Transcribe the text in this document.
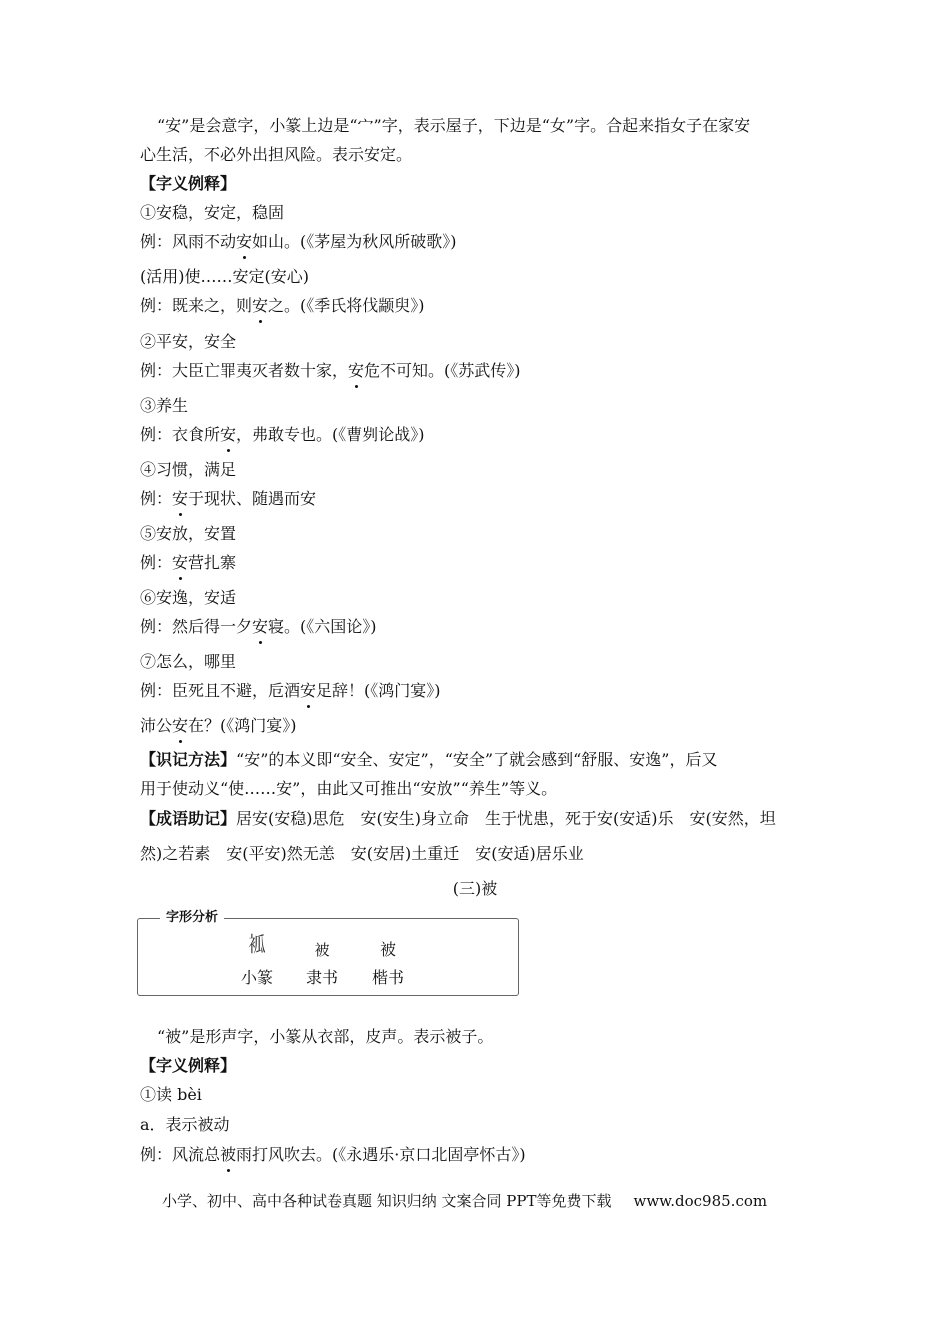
“安”是会意字，小篆上边是“宀”字，表示屋子，下边是“女”字。合起来指女子在家安
心生活，不必外出担风险。表示安定。
【字义例释】
①安稳，安定，稳固
例：风雨不动安如山。(《茅屋为秋风所破歌》)
(活用)使……安定(安心)
例：既来之，则安之。(《季氏将伐颛臾》)
②平安，安全
例：大臣亡罪夷灭者数十家，安危不可知。(《苏武传》)
③养生
例：衣食所安，弗敢专也。(《曹刿论战》)
④习惯，满足
例：安于现状、随遇而安
⑤安放，安置
例：安营扎寨
⑥安逸，安适
例：然后得一夕安寝。(《六国论》)
⑦怎么，哪里
例：臣死且不避，卮酒安足辞！(《鸿门宴》)
沛公安在？(《鸿门宴》)
【识记方法】“安”的本义即“安全、安定”，“安全”了就会感到“舒服、安逸”，后又
用于使动义“使……安”，由此又可推出“安放”“养生”等义。
【成语助记】居安(安稳)思危　安(安生)身立命　生于忧患，死于安(安适)乐　安(安然，坦
然)之若素　安(平安)然无恙　安(安居)土重迁　安(安适)居乐业
(三)被
字形分析
𧙆	被	被
小篆	隶书	楷书
“被”是形声字，小篆从衣部，皮声。表示被子。
【字义例释】
①读 bèi
a．表示被动
例：风流总被雨打风吹去。(《永遇乐·京口北固亭怀古》)
小学、初中、高中各种试卷真题 知识归纳 文案合同 PPT等免费下载 www.doc985.com
